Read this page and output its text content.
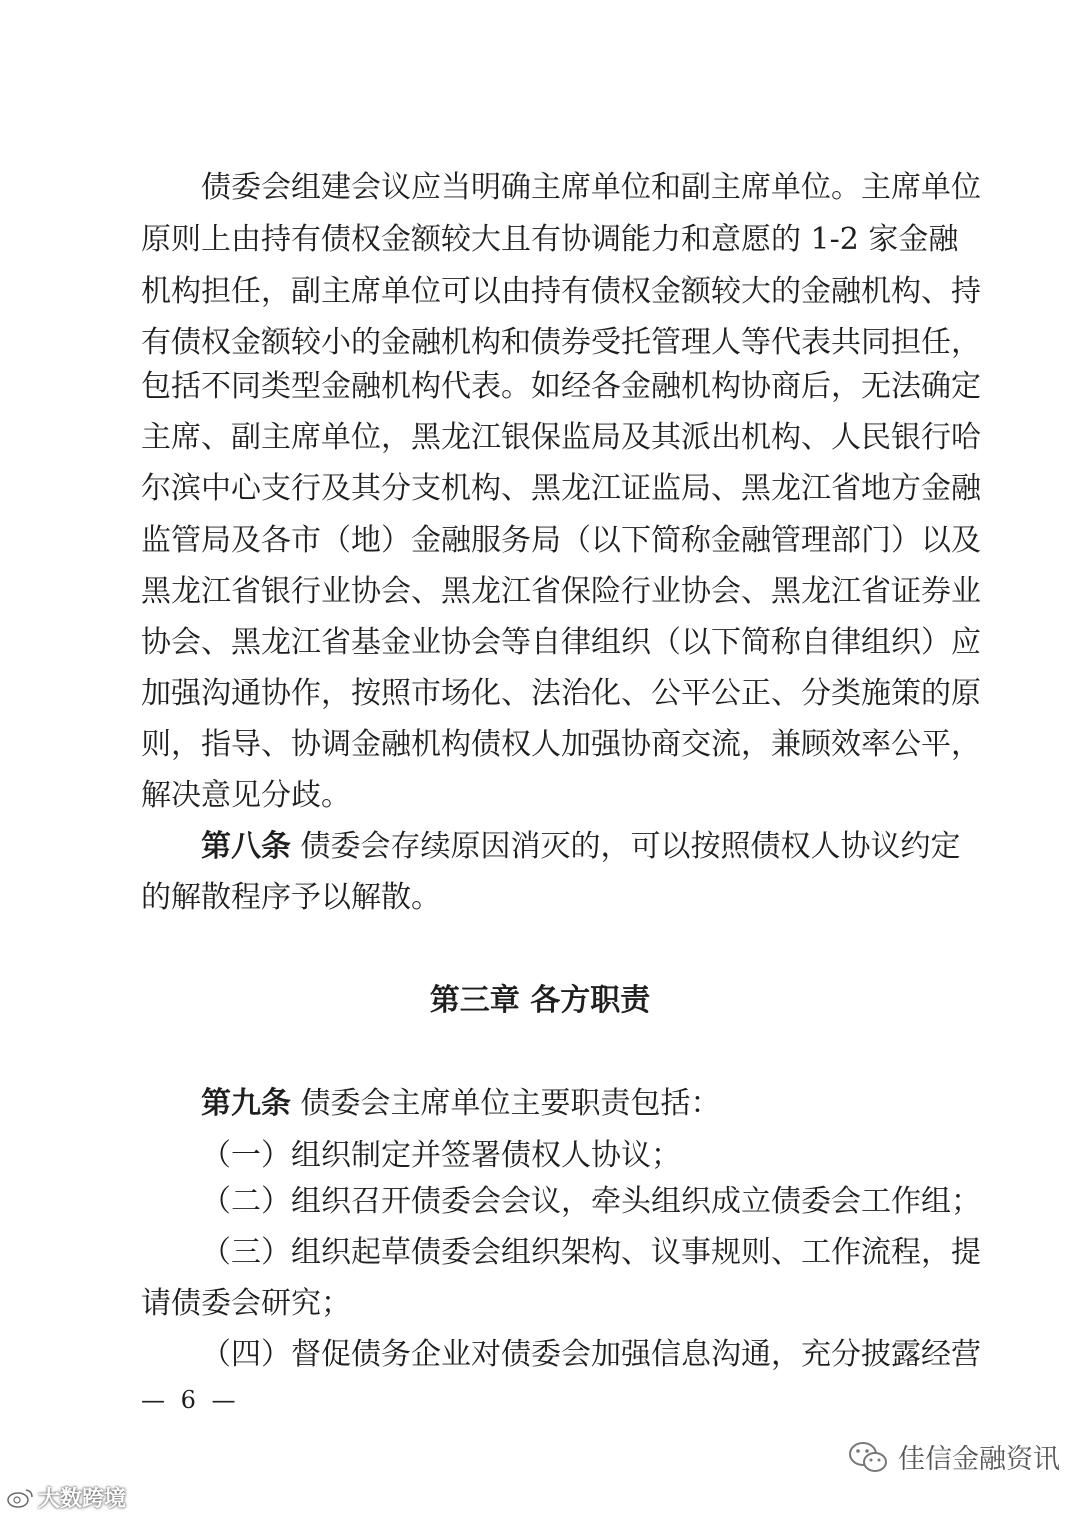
债委会组建会议应当明确主席单位和副主席单位。主席单位
原则上由持有债权金额较大且有协调能力和意愿的 1-2 家金融
机构担任，副主席单位可以由持有债权金额较大的金融机构、持
有债权金额较小的金融机构和债券受托管理人等代表共同担任，
包括不同类型金融机构代表。如经各金融机构协商后，无法确定
主席、副主席单位，黑龙江银保监局及其派出机构、人民银行哈
尔滨中心支行及其分支机构、黑龙江证监局、黑龙江省地方金融
监管局及各市（地）金融服务局（以下简称金融管理部门）以及
黑龙江省银行业协会、黑龙江省保险行业协会、黑龙江省证券业
协会、黑龙江省基金业协会等自律组织（以下简称自律组织）应
加强沟通协作，按照市场化、法治化、公平公正、分类施策的原
则，指导、协调金融机构债权人加强协商交流，兼顾效率公平，
解决意见分歧。
第八条 债委会存续原因消灭的，可以按照债权人协议约定
的解散程序予以解散。
第三章 各方职责
第九条 债委会主席单位主要职责包括：
（一）组织制定并签署债权人协议；
（二）组织召开债委会会议，牵头组织成立债委会工作组；
（三）组织起草债委会组织架构、议事规则、工作流程，提
请债委会研究；
（四）督促债务企业对债委会加强信息沟通，充分披露经营
— 6 —
大数跨境
佳信金融资讯
